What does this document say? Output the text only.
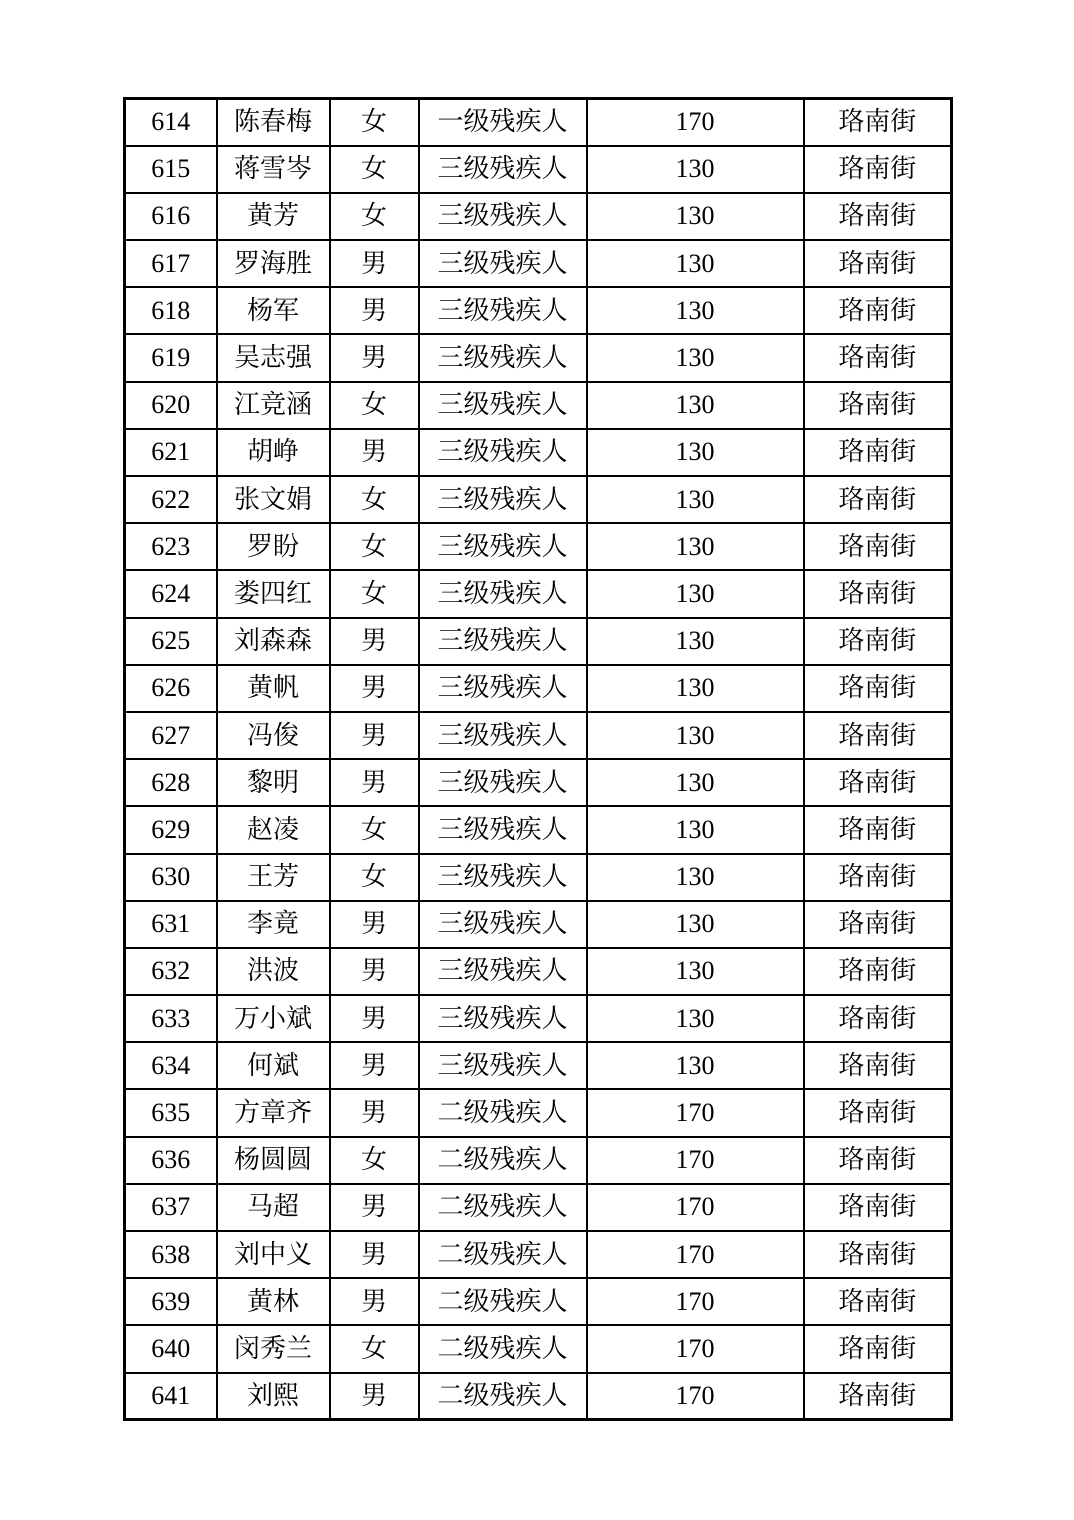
614	陈春梅	女	一级残疾人	170	珞南街
615	蒋雪岑	女	三级残疾人	130	珞南街
616	黄芳	女	三级残疾人	130	珞南街
617	罗海胜	男	三级残疾人	130	珞南街
618	杨军	男	三级残疾人	130	珞南街
619	吴志强	男	三级残疾人	130	珞南街
620	江竞涵	女	三级残疾人	130	珞南街
621	胡峥	男	三级残疾人	130	珞南街
622	张文娟	女	三级残疾人	130	珞南街
623	罗盼	女	三级残疾人	130	珞南街
624	娄四红	女	三级残疾人	130	珞南街
625	刘森森	男	三级残疾人	130	珞南街
626	黄帆	男	三级残疾人	130	珞南街
627	冯俊	男	三级残疾人	130	珞南街
628	黎明	男	三级残疾人	130	珞南街
629	赵凌	女	三级残疾人	130	珞南街
630	王芳	女	三级残疾人	130	珞南街
631	李竟	男	三级残疾人	130	珞南街
632	洪波	男	三级残疾人	130	珞南街
633	万小斌	男	三级残疾人	130	珞南街
634	何斌	男	三级残疾人	130	珞南街
635	方章齐	男	二级残疾人	170	珞南街
636	杨圆圆	女	二级残疾人	170	珞南街
637	马超	男	二级残疾人	170	珞南街
638	刘中义	男	二级残疾人	170	珞南街
639	黄林	男	二级残疾人	170	珞南街
640	闵秀兰	女	二级残疾人	170	珞南街
641	刘熙	男	二级残疾人	170	珞南街
